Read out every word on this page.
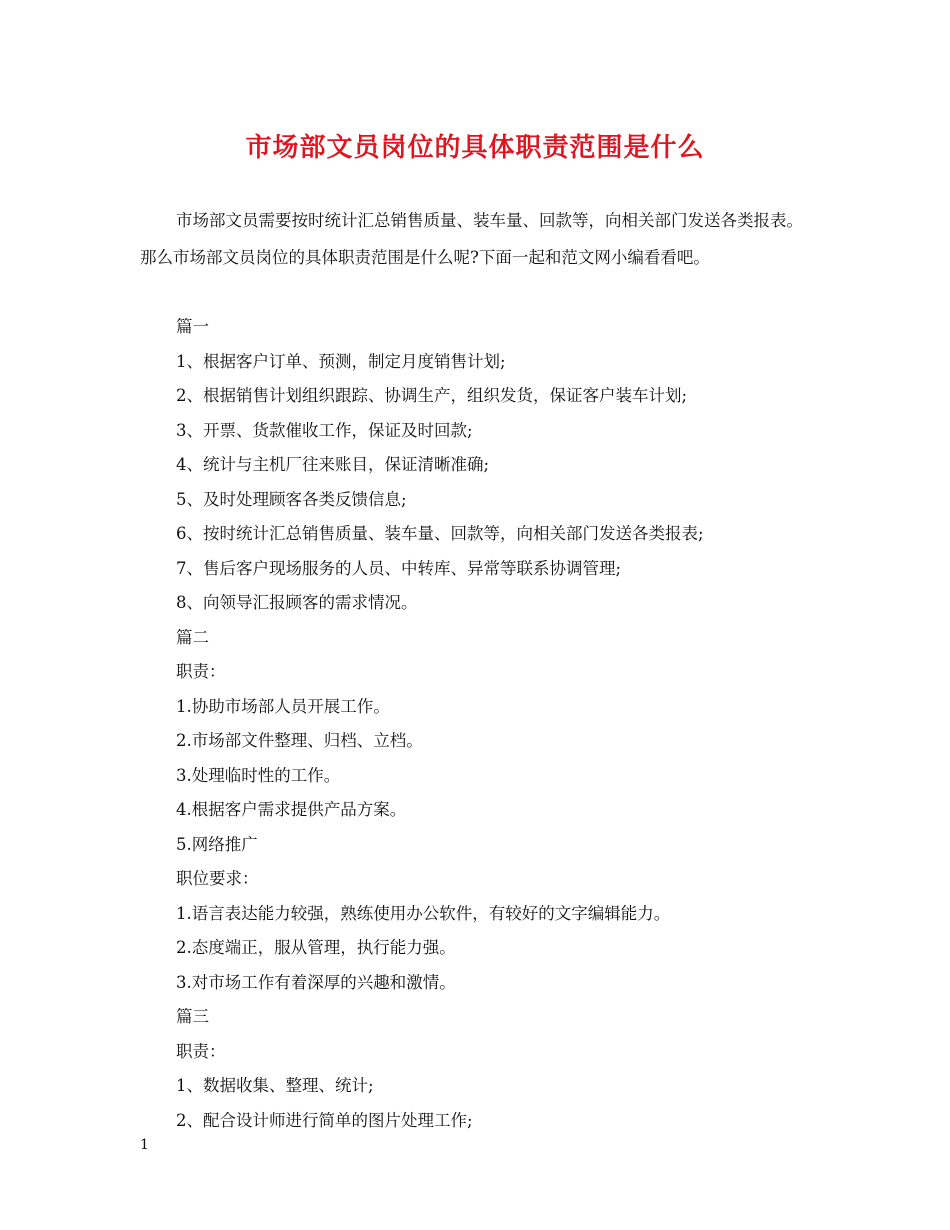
市场部文员岗位的具体职责范围是什么

市场部文员需要按时统计汇总销售质量、装车量、回款等，向相关部门发送各类报表。那么市场部文员岗位的具体职责范围是什么呢?下面一起和范文网小编看看吧。

篇一
1、根据客户订单、预测，制定月度销售计划;
2、根据销售计划组织跟踪、协调生产，组织发货，保证客户装车计划;
3、开票、货款催收工作，保证及时回款;
4、统计与主机厂往来账目，保证清晰准确;
5、及时处理顾客各类反馈信息;
6、按时统计汇总销售质量、装车量、回款等，向相关部门发送各类报表;
7、售后客户现场服务的人员、中转库、异常等联系协调管理;
8、向领导汇报顾客的需求情况。
篇二
职责：
1.协助市场部人员开展工作。
2.市场部文件整理、归档、立档。
3.处理临时性的工作。
4.根据客户需求提供产品方案。
5.网络推广
职位要求：
1.语言表达能力较强，熟练使用办公软件，有较好的文字编辑能力。
2.态度端正，服从管理，执行能力强。
3.对市场工作有着深厚的兴趣和激情。
篇三
职责：
1、数据收集、整理、统计;
2、配合设计师进行简单的图片处理工作;
1
